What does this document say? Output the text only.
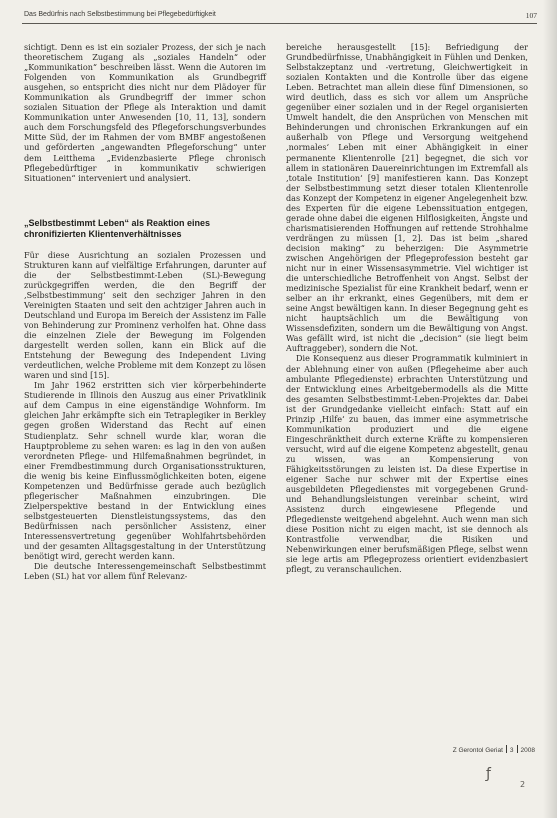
Das Bedürfnis nach Selbstbestimmung bei Pflegebedürftigkeit	107

sichtigt. Denn es ist ein sozialer Prozess, der sich je nach theoretischem Zugang als „soziales Handeln“ oder „Kommunikation“ beschreiben lässt. Wenn die Autoren im Folgenden von Kommunikation als Grundbegriff ausgehen, so entspricht dies nicht nur dem Plädoyer für Kommunikation als Grundbegriff der immer schon sozialen Situation der Pflege als Interaktion und damit Kommunikation unter Anwesenden [10, 11, 13], sondern auch dem Forschungsfeld des Pflegeforschungsverbundes Mitte Süd, der im Rahmen der vom BMBF angestoßenen und geförderten „angewandten Pflegeforschung“ unter dem Leitthema „Evidenzbasierte Pflege chronisch Pflegebedürftiger in kommunikativ schwierigen Situationen“ interveniert und analysiert.

„Selbstbestimmt Leben“ als Reaktion eines chronifizierten Klientenverhältnisses

Für diese Ausrichtung an sozialen Prozessen und Strukturen kann auf vielfältige Erfahrungen, darunter auf die der Selbstbestimmt-Leben (SL)-Bewegung zurückgegriffen werden, die den Begriff der ‚Selbstbestimmung‘ seit den sechziger Jahren in den Vereinigten Staaten und seit den achtziger Jahren auch in Deutschland und Europa im Bereich der Assistenz im Falle von Behinderung zur Prominenz verholfen hat. Ohne dass die einzelnen Ziele der Bewegung im Folgenden dargestellt werden sollen, kann ein Blick auf die Entstehung der Bewegung des Independent Living verdeutlichen, welche Probleme mit dem Konzept zu lösen waren und sind [15].

Im Jahr 1962 erstritten sich vier körperbehinderte Studierende in Illinois den Auszug aus einer Privatklinik auf dem Campus in eine eigenständige Wohnform. Im gleichen Jahr erkämpfte sich ein Tetraplegiker in Berkley gegen großen Widerstand das Recht auf einen Studienplatz. Sehr schnell wurde klar, woran die Hauptprobleme zu sehen waren: es lag in den von außen verordneten Pflege- und Hilfemaßnahmen begründet, in einer Fremdbestimmung durch Organisationsstrukturen, die wenig bis keine Einflussmöglichkeiten boten, eigene Kompetenzen und Bedürfnisse gerade auch bezüglich pflegerischer Maßnahmen einzubringen. Die Zielperspektive bestand in der Entwicklung eines selbstgesteuerten Dienstleistungssystems, das den Bedürfnissen nach persönlicher Assistenz, einer Interessensvertretung gegenüber Wohlfahrtsbehörden und der gesamten Alltagsgestaltung in der Unterstützung benötigt wird, gerecht werden kann.

Die deutsche Interessengemeinschaft Selbstbestimmt Leben (SL) hat vor allem fünf Relevanz-

bereiche herausgestellt [15]: Befriedigung der Grundbedürfnisse, Unabhängigkeit in Fühlen und Denken, Selbstakzeptanz und -vertretung, Gleichwertigkeit in sozialen Kontakten und die Kontrolle über das eigene Leben. Betrachtet man allein diese fünf Dimensionen, so wird deutlich, dass es sich vor allem um Ansprüche gegenüber einer sozialen und in der Regel organisierten Umwelt handelt, die den Ansprüchen von Menschen mit Behinderungen und chronischen Erkrankungen auf ein außerhalb von Pflege und Versorgung weitgehend ‚normales‘ Leben mit einer Abhängigkeit in einer permanente Klientenrolle [21] begegnet, die sich vor allem in stationären Dauereinrichtungen im Extremfall als ‚totale Institution‘ [9] manifestieren kann. Das Konzept der Selbstbestimmung setzt dieser totalen Klientenrolle das Konzept der Kompetenz in eigener Angelegenheit bzw. des Experten für die eigene Lebenssituation entgegen, gerade ohne dabei die eigenen Hilflosigkeiten, Ängste und charismatisierenden Hoffnungen auf rettende Strohhalme verdrängen zu müssen [1, 2]. Das ist beim „shared decision making“ zu beherzigen: Die Asymmetrie zwischen Angehörigen der Pflegeprofession besteht gar nicht nur in einer Wissensasymmetrie. Viel wichtiger ist die unterschiedliche Betroffenheit von Angst. Selbst der medizinische Spezialist für eine Krankheit bedarf, wenn er selber an ihr erkrankt, eines Gegenübers, mit dem er seine Angst bewältigen kann. In dieser Begegnung geht es nicht hauptsächlich um die Bewältigung von Wissensdefiziten, sondern um die Bewältigung von Angst. Was gefällt wird, ist nicht die „decision“ (sie liegt beim Auftraggeber), sondern die Not.

Die Konsequenz aus dieser Programmatik kulminiert in der Ablehnung einer von außen (Pflegeheime aber auch ambulante Pflegedienste) erbrachten Unterstützung und der Entwicklung eines Arbeitgebermodells als die Mitte des gesamten Selbstbestimmt-Leben-Projektes dar. Dabei ist der Grundgedanke vielleicht einfach: Statt auf ein Prinzip ‚Hilfe‘ zu bauen, das immer eine asymmetrische Kommunikation produziert und die eigene Eingeschränktheit durch externe Kräfte zu kompensieren versucht, wird auf die eigene Kompetenz abgestellt, genau zu wissen, was an Kompensierung von Fähigkeitsstörungen zu leisten ist. Da diese Expertise in eigener Sache nur schwer mit der Expertise eines ausgebildeten Pflegedienstes mit vorgegebenen Grund- und Behandlungsleistungen vereinbar scheint, wird Assistenz durch eingewiesene Pflegende und Pflegedienste weitgehend abgelehnt. Auch wenn man sich diese Position nicht zu eigen macht, ist sie dennoch als Kontrastfolie verwendbar, die Risiken und Nebenwirkungen einer berufsmäßigen Pflege, selbst wenn sie lege artis am Pflegeprozess orientiert evidenzbasiert pflegt, zu veranschaulichen.

Z Gerontol Geriat 3 2008
ƒ
2
